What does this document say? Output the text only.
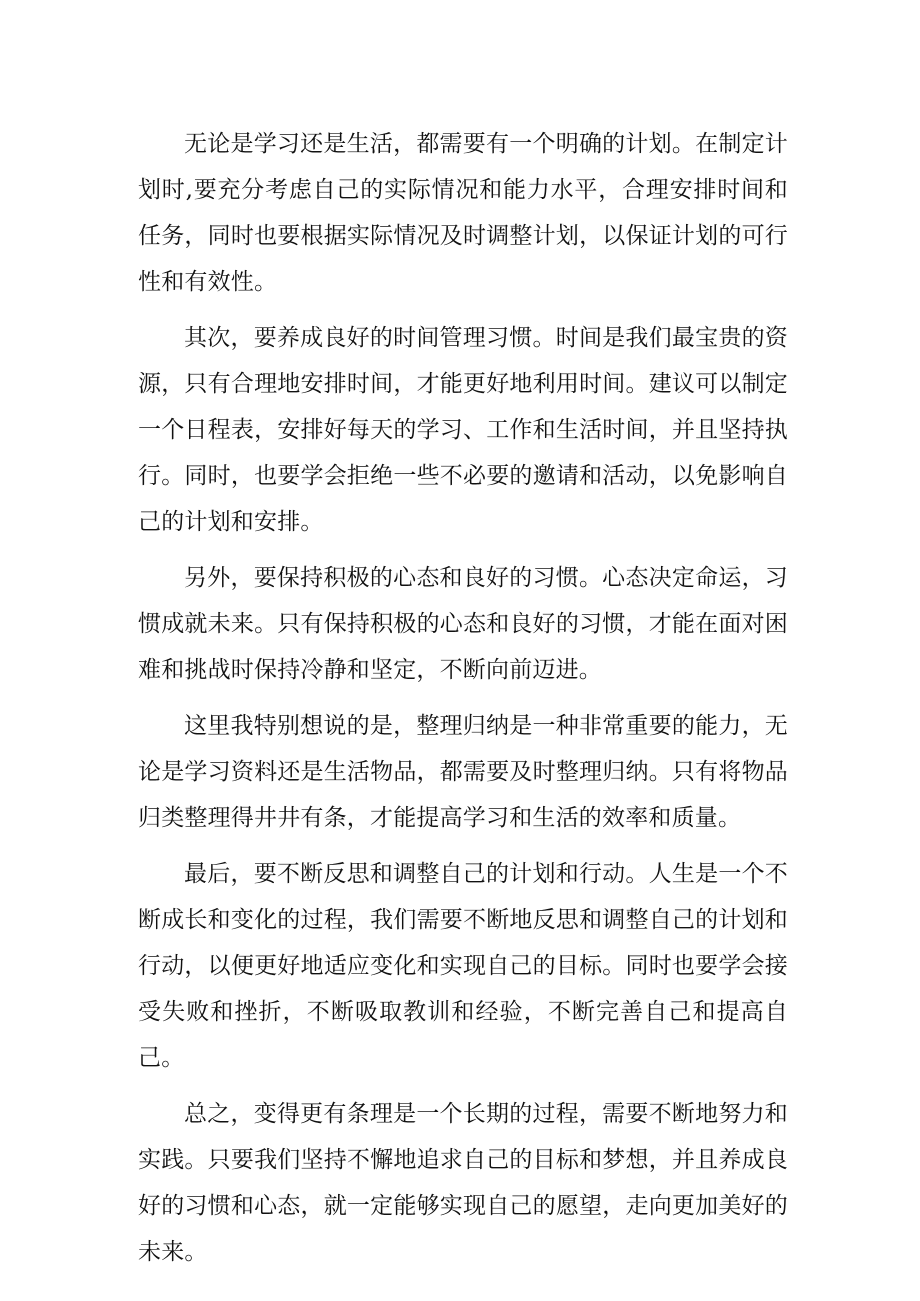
无论是学习还是生活，都需要有一个明确的计划。在制定计划时,要充分考虑自己的实际情况和能力水平，合理安排时间和任务，同时也要根据实际情况及时调整计划，以保证计划的可行性和有效性。

其次，要养成良好的时间管理习惯。时间是我们最宝贵的资源，只有合理地安排时间，才能更好地利用时间。建议可以制定一个日程表，安排好每天的学习、工作和生活时间，并且坚持执行。同时，也要学会拒绝一些不必要的邀请和活动，以免影响自己的计划和安排。

另外，要保持积极的心态和良好的习惯。心态决定命运，习惯成就未来。只有保持积极的心态和良好的习惯，才能在面对困难和挑战时保持冷静和坚定，不断向前迈进。

这里我特别想说的是，整理归纳是一种非常重要的能力，无论是学习资料还是生活物品，都需要及时整理归纳。只有将物品归类整理得井井有条，才能提高学习和生活的效率和质量。

最后，要不断反思和调整自己的计划和行动。人生是一个不断成长和变化的过程，我们需要不断地反思和调整自己的计划和行动，以便更好地适应变化和实现自己的目标。同时也要学会接受失败和挫折，不断吸取教训和经验，不断完善自己和提高自己。

总之，变得更有条理是一个长期的过程，需要不断地努力和实践。只要我们坚持不懈地追求自己的目标和梦想，并且养成良好的习惯和心态，就一定能够实现自己的愿望，走向更加美好的未来。
